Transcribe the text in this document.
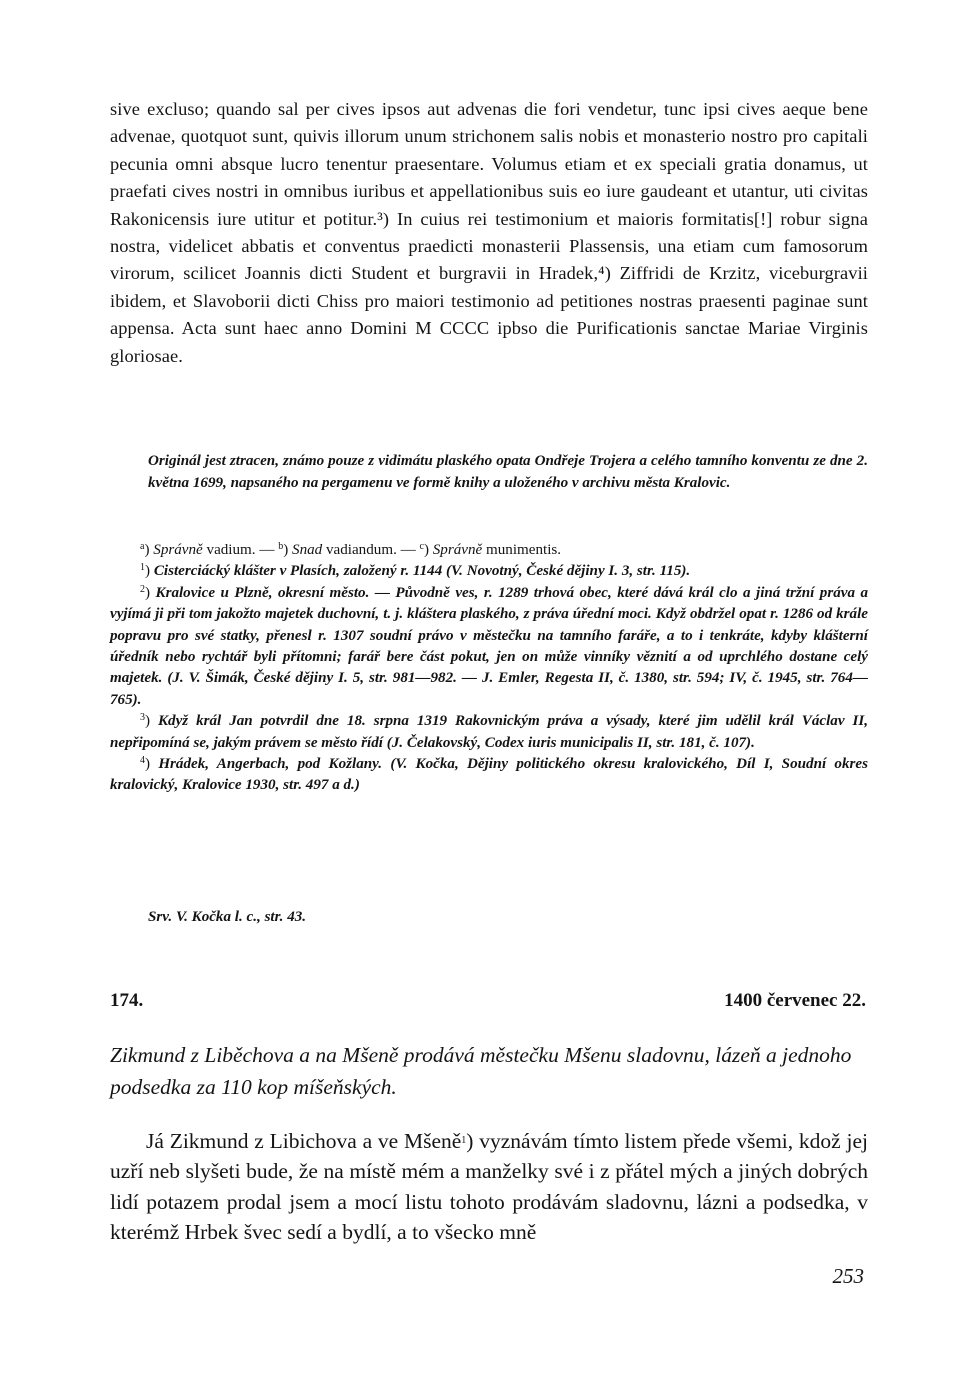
sive excluso; quando sal per cives ipsos aut advenas die fori vendetur, tunc ipsi cives aeque bene advenae, quotquot sunt, quivis illorum unum strichonem salis nobis et monasterio nostro pro capitali pecunia omni absque lucro tenentur praesentare. Volumus etiam et ex speciali gratia donamus, ut praefati cives nostri in omnibus iuribus et appellationibus suis eo iure gaudeant et utantur, uti civitas Rakonicensis iure utitur et potitur.³) In cuius rei testimonium et maioris formitatis[!] robur signa nostra, videlicet abbatis et conventus praedicti monasterii Plassensis, una etiam cum famosorum virorum, scilicet Joannis dicti Student et burgravii in Hradek,⁴) Ziffridi de Krzitz, viceburgravii ibidem, et Slavoborii dicti Chiss pro maiori testimonio ad petitiones nostras praesenti paginae sunt appensa. Acta sunt haec anno Domini M CCCC ipbso die Purificationis sanctae Mariae Virginis gloriosae.

Originál jest ztracen, známo pouze z vidimátu plaského opata Ondřeje Trojera a celého tamního konventu ze dne 2. května 1699, napsaného na pergamenu ve formě knihy a uloženého v archivu města Kralovic.

$^a$) Správně vadium. — $^b$) Snad vadiandum. — $^c$) Správně munimentis.

$^1$) Cisterciácký klášter v Plasích, založený r. 1144 (V. Novotný, České dějiny I. 3, str. 115).

$^2$) Kralovice u Plzně, okresní město. — Původně ves, r. 1289 trhová obec, které dává král clo a jiná tržní práva a vyjímá ji při tom jakožto majetek duchovní, t. j. kláštera plaského, z práva úřední moci. Když obdržel opat r. 1286 od krále popravu pro své statky, přenesl r. 1307 soudní právo v městečku na tamního faráře, a to i tenkráte, kdyby klášterní úředník nebo rychtář byli přítomni; farář bere část pokut, jen on může vinníky věznití a od uprchlého dostane celý majetek. (J. V. Šimák, České dějiny I. 5, str. 981—982. — J. Emler, Regesta II, č. 1380, str. 594; IV, č. 1945, str. 764—765).

$^3$) Když král Jan potvrdil dne 18. srpna 1319 Rakovnickým práva a výsady, které jim udělil král Václav II, nepřipomíná se, jakým právem se město řídí (J. Čelakovský, Codex iuris municipalis II, str. 181, č. 107).

$^4$) Hrádek, Angerbach, pod Kožlany. (V. Kočka, Dějiny politického okresu kralovického, Díl I, Soudní okres kralovický, Kralovice 1930, str. 497 a d.)

Srv. V. Kočka l. c., str. 43.

174.	1400 červenec 22.

Zikmund z Liběchova a na Mšeně prodává městečku Mšenu sladovnu, lázeň a jednoho podsedka za 110 kop míšeňských.

Já Zikmund z Libichova a ve Mšeně$^1$) vyznávám tímto listem přede všemi, kdož jej uzří neb slyšeti bude, že na místě mém a manželky své i z přátel mých a jiných dobrých lidí potazem prodal jsem a mocí listu tohoto prodávám sladovnu, lázni a podsedka, v kterémž Hrbek švec sedí a bydlí, a to všecko mně

253
